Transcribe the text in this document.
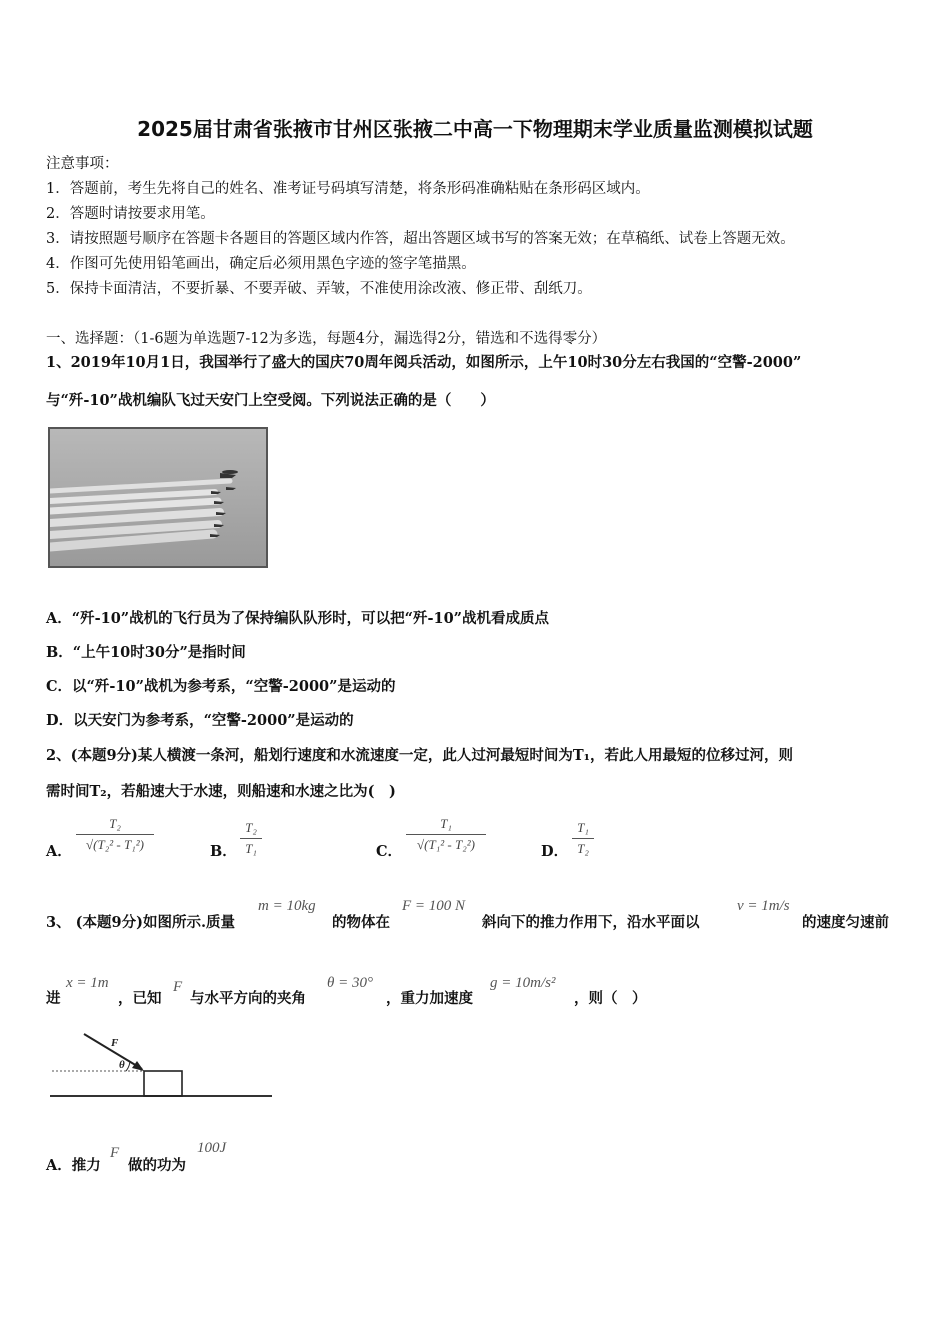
2025届甘肃省张掖市甘州区张掖二中高一下物理期末学业质量监测模拟试题
注意事项：
1．答题前，考生先将自己的姓名、准考证号码填写清楚，将条形码准确粘贴在条形码区域内。
2．答题时请按要求用笔。
3．请按照题号顺序在答题卡各题目的答题区域内作答，超出答题区域书写的答案无效；在草稿纸、试卷上答题无效。
4．作图可先使用铅笔画出，确定后必须用黑色字迹的签字笔描黑。
5．保持卡面清洁，不要折暴、不要弄破、弄皱，不准使用涂改液、修正带、刮纸刀。
一、选择题：（1-6题为单选题7-12为多选，每题4分，漏选得2分，错选和不选得零分）
1、2019年10月1日，我国举行了盛大的国庆70周年阅兵活动，如图所示，上午10时30分左右我国的“空警-2000”
与“歼-10”战机编队飞过天安门上空受阅。下列说法正确的是（　　）
A．“歼-10”战机的飞行员为了保持编队队形时，可以把“歼-10”战机看成质点
B．“上午10时30分”是指时间
C．以“歼-10”战机为参考系，“空警-2000”是运动的
D．以天安门为参考系，“空警-2000”是运动的
2、(本题9分)某人横渡一条河，船划行速度和水流速度一定，此人过河最短时间为T₁，若此人用最短的位移过河，则
需时间T₂，若船速大于水速，则船速和水速之比为(　)
A．
T₂
√(T₂² - T₁²)	B．
T₂
T₁	C．
T₁
√(T₁² - T₂²)	D．
T₁
T₂
3、 (本题9分)如图所示.质量
m = 10kg
的物体在
F = 100 N
斜向下的推力作用下，沿水平面以
v = 1m/s
的速度匀速前
进
x = 1m
，已知
F
与水平方向的夹角
θ = 30°
，重力加速度
g = 10m/s²
，则（　）
F
θ
A．推力
F
做的功为
100J
